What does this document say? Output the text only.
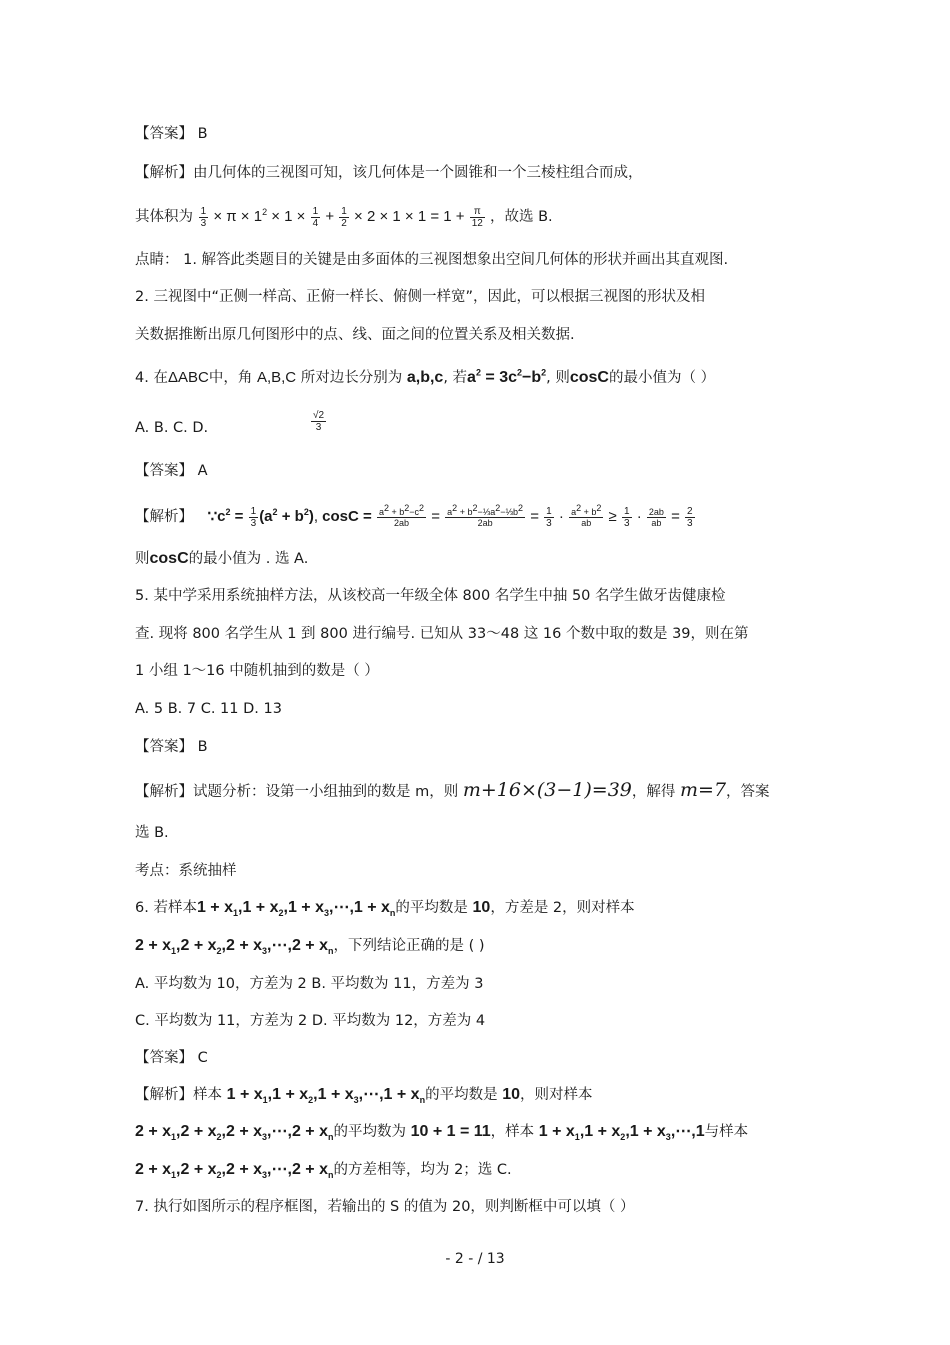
【答案】 B
【解析】由几何体的三视图可知，该几何体是一个圆锥和一个三棱柱组合而成，
其体积为 $\frac{1}{3} \times \pi \times 1^2 \times 1 \times \frac{1}{4} + \frac{1}{2} \times 2 \times 1 \times 1 = 1 + \frac{\pi}{12}$ ，故选 B.
点睛： 1. 解答此类题目的关键是由多面体的三视图想象出空间几何体的形状并画出其直观图.
2. 三视图中“正侧一样高、正俯一样长、俯侧一样宽”，因此，可以根据三视图的形状及相
关数据推断出原几何图形中的点、线、面之间的位置关系及相关数据.
4. 在ΔABC中，角 A,B,C 所对边长分别为 a,b,c, 若$a^2 = 3c^2-b^2$, 则cosC的最小值为（ ）
A. B. C. D.	$\frac{√2}{3}$
【答案】 A
【解析】 $\because c^2 = \frac{1}{3} (a^2 + b^2)$, $\cos C = \frac{a^2 + b^2-c^2}{2ab} = \frac{a^2 + b^2-\frac{1}{3}a^2-\frac{1}{3}b^2}{2ab} = \frac{1}{3} \cdot \frac{a^2 + b^2}{ab} \ge \frac{1}{3} \cdot \frac{2ab}{ab} = \frac{2}{3}$
则cosC的最小值为 . 选 A.
5. 某中学采用系统抽样方法，从该校高一年级全体 800 名学生中抽 50 名学生做牙齿健康检
查. 现将 800 名学生从 1 到 800 进行编号. 已知从 33～48 这 16 个数中取的数是 39，则在第
1 小组 1～16 中随机抽到的数是（ ）
A. 5 B. 7 C. 11 D. 13
【答案】 B
【解析】试题分析：设第一小组抽到的数是 m，则 m+16×(3−1)=39，解得 m=7，答案
选 B.
考点：系统抽样
6. 若样本$1 + x_1,1 + x_2,1$ + $x_3,\cdots,1 + x_n$的平均数是 10，方差是 2，则对样本
$2 + x_1,2 + x_2,2$ + $x_3,\cdots,2 + x_n$，下列结论正确的是 ( )
A. 平均数为 10，方差为 2 B. 平均数为 11，方差为 3
C. 平均数为 11，方差为 2 D. 平均数为 12，方差为 4
【答案】 C
【解析】样本 $1 + x_1,1 + x_2,1$ + $x_3,\cdots,1 + x_n$的平均数是 10，则对样本
$2 + x_1,2 + x_2,2$ + $x_3,\cdots,2 + x_n$的平均数为 10 + 1 = 11，样本 $1 + x_1,1 + x_2,1$ + $x_3,\cdots,1$与样本
$2 + x_1,2 + x_2,2$ + $x_3,\cdots,2 + x_n$的方差相等，均为 2；选 C.
7. 执行如图所示的程序框图，若输出的 S 的值为 20，则判断框中可以填（ ）
- 2 - / 13
